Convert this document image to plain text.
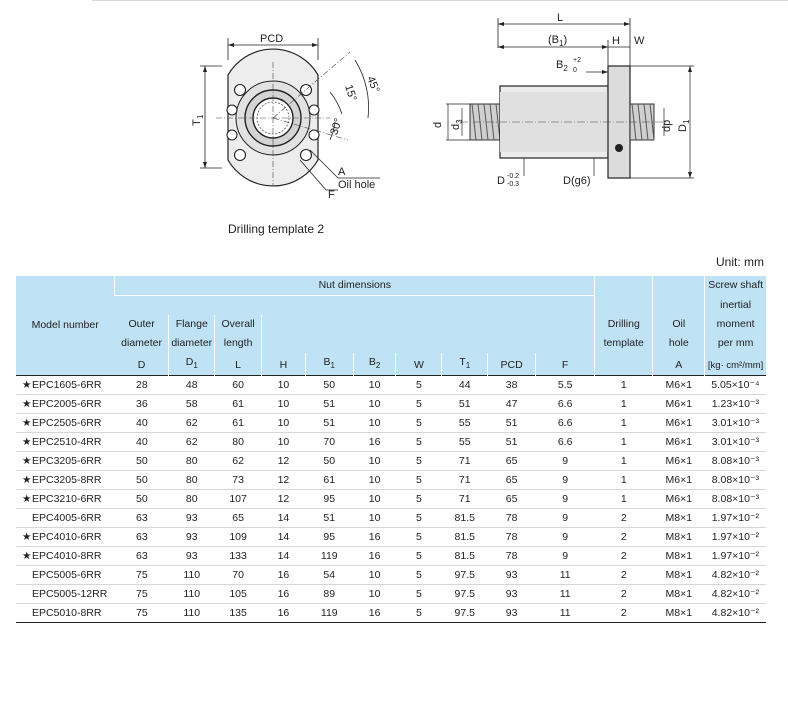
PCD
T
1
45°
15°
30°
A
Oil hole
F
L
$(B_1)$	H W
$B_2$
+2
0
d $d_3$	dp $D_1$
D -0.2
-0.3	D(g6)
Drilling template 2
Unit: mm
Model number	Nut dimensions												Screw shaft
													inertial
	Outer	Flange	Overall								Drilling	Oil	moment
	diameter	diameter	length								template	hole	per mm
	D	$D_1$	L	H	$B_1$	$B_2$	W	$T_1$	PCD	F		A	[kg· cm²/mm]
★EPC1605-6RR	28	48	60	10	50	10	5	44	38	5.5	1	M6×1	5.05×10⁻⁴
★EPC2005-6RR	36	58	61	10	51	10	5	51	47	6.6	1	M6×1	1.23×10⁻³
★EPC2505-6RR	40	62	61	10	51	10	5	55	51	6.6	1	M6×1	3.01×10⁻³
★EPC2510-4RR	40	62	80	10	70	16	5	55	51	6.6	1	M6×1	3.01×10⁻³
★EPC3205-6RR	50	80	62	12	50	10	5	71	65	9	1	M6×1	8.08×10⁻³
★EPC3205-8RR	50	80	73	12	61	10	5	71	65	9	1	M6×1	8.08×10⁻³
★EPC3210-6RR	50	80	107	12	95	10	5	71	65	9	1	M6×1	8.08×10⁻³
EPC4005-6RR	63	93	65	14	51	10	5	81.5	78	9	2	M8×1	1.97×10⁻²
★EPC4010-6RR	63	93	109	14	95	16	5	81.5	78	9	2	M8×1	1.97×10⁻²
★EPC4010-8RR	63	93	133	14	119	16	5	81.5	78	9	2	M8×1	1.97×10⁻²
EPC5005-6RR	75	110	70	16	54	10	5	97.5	93	11	2	M8×1	4.82×10⁻²
EPC5005-12RR	75	110	105	16	89	10	5	97.5	93	11	2	M8×1	4.82×10⁻²
EPC5010-8RR	75	110	135	16	119	16	5	97.5	93	11	2	M8×1	4.82×10⁻²
